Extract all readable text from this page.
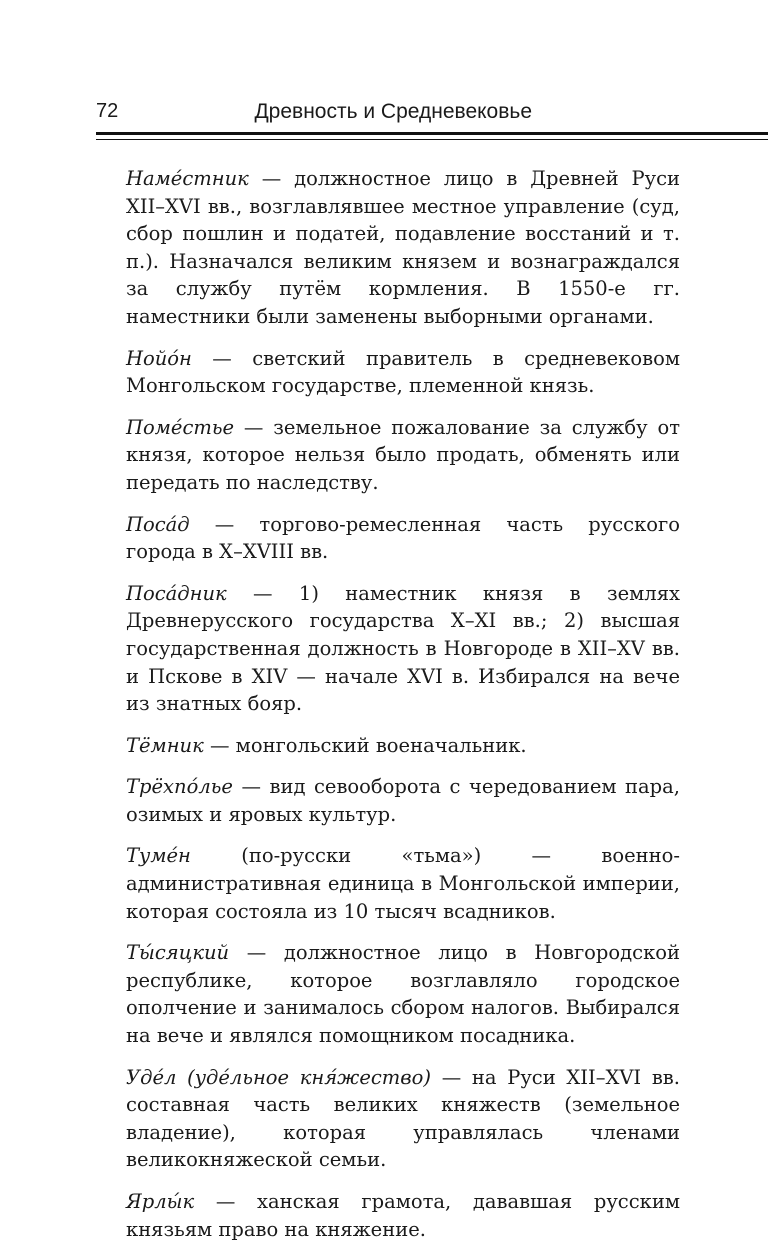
72	Древность и Средневековье

Наме́стник — должностное лицо в Древней Руси XII–XVI вв., возглавлявшее местное управление (суд, сбор пошлин и податей, подавление восстаний и т. п.). Назначался великим князем и вознаграждался за службу путём кормления. В 1550-е гг. наместники были заменены выборными органами.

Нойо́н — светский правитель в средневековом Монгольском государстве, племенной князь.

Поме́стье — земельное пожалование за службу от князя, которое нельзя было продать, обменять или передать по наследству.

Поса́д — торгово-ремесленная часть русского города в X–XVIII вв.

Поса́дник — 1) наместник князя в землях Древнерусского государства X–XI вв.; 2) высшая государственная должность в Новгороде в XII–XV вв. и Пскове в XIV — начале XVI в. Избирался на вече из знатных бояр.

Тёмник — монгольский военачальник.

Трёхпо́лье — вид севооборота с чередованием пара, озимых и яровых культур.

Туме́н (по-русски «тьма») — военно-административная единица в Монгольской империи, которая состояла из 10 тысяч всадников.

Ты́сяцкий — должностное лицо в Новгородской республике, которое возглавляло городское ополчение и занималось сбором налогов. Выбирался на вече и являлся помощником посадника.

Уде́л (уде́льное кня́жество) — на Руси XII–XVI вв. составная часть великих княжеств (земельное владение), которая управлялась членами великокняжеской семьи.

Ярлы́к — ханская грамота, дававшая русским князьям право на княжение.
